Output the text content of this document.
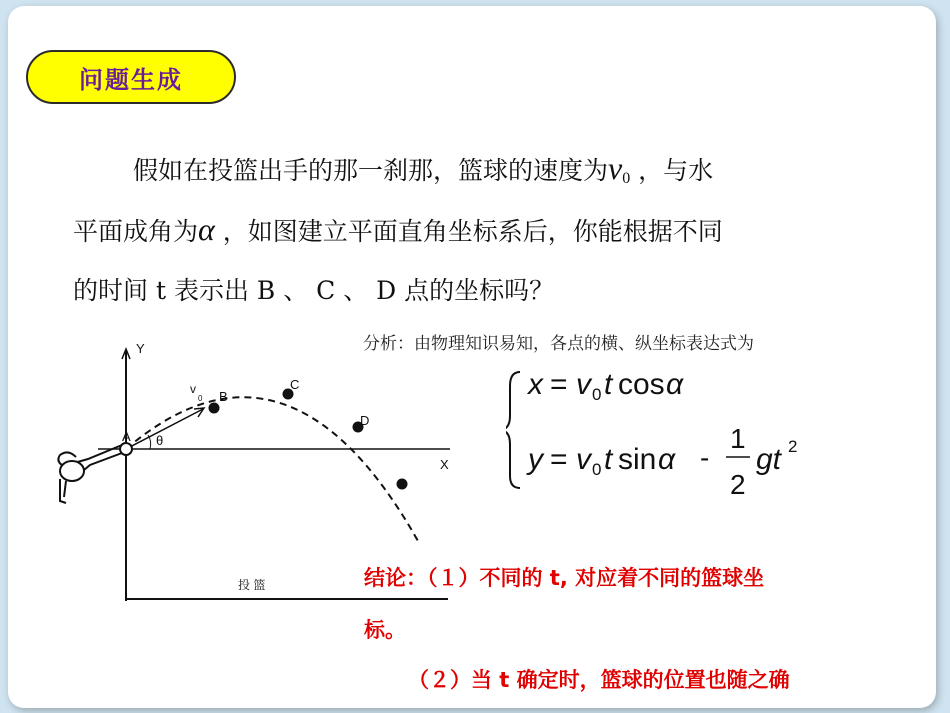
问题生成
假如在投篮出手的那一刹那，篮球的速度为$v_0$ ，与水
平面成角为α ，如图建立平面直角坐标系后，你能根据不同
的时间 t 表示出 B 、 C 、 D 点的坐标吗？
分析：由物理知识易知，各点的横、纵坐标表达式为
x = v 0 t cos α
y = v 0 t sin α -
1
2
gt 2
Y
X
v
0
θ
A
B
C
D
投 篮	结论：（１）不同的 t, 对应着不同的篮球坐
标。
（２）当 t 确定时，篮球的位置也随之确
